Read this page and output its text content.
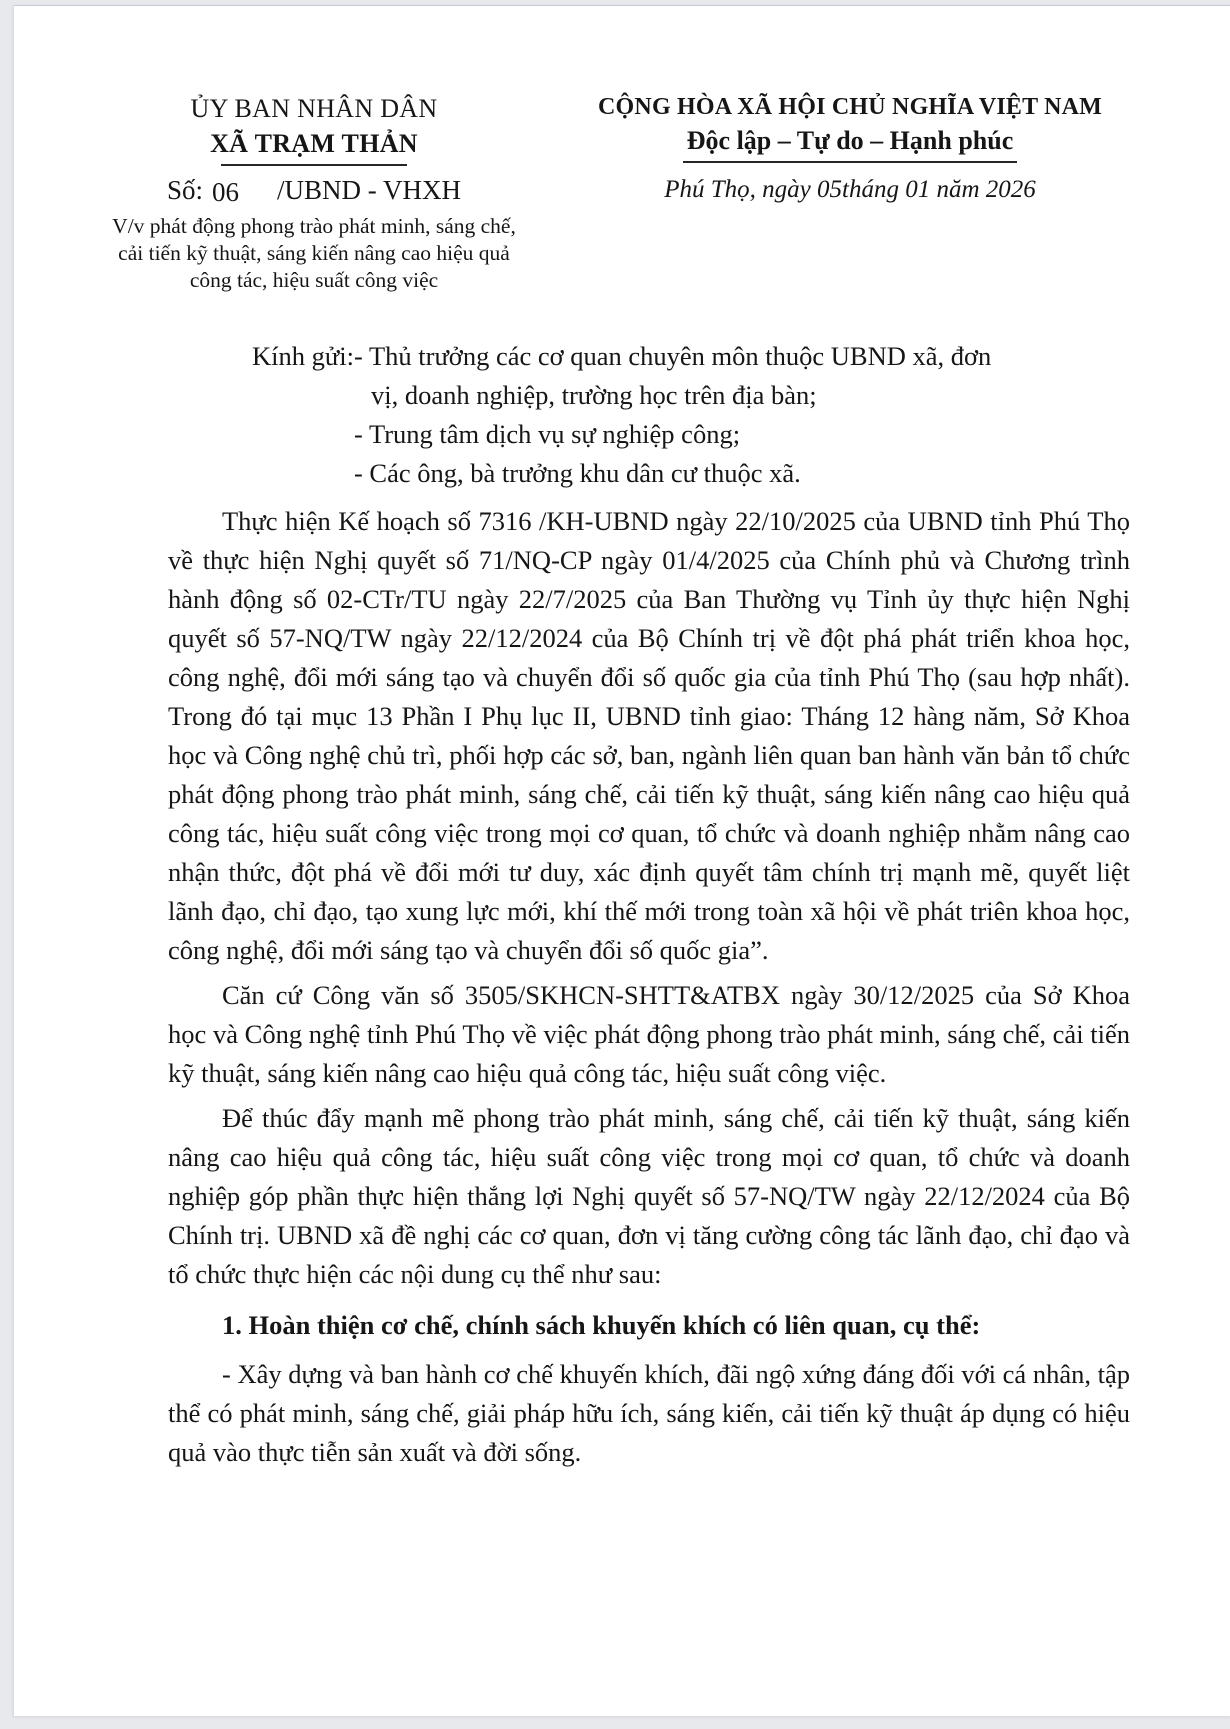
ỦY BAN NHÂN DÂN
XÃ TRẠM THẢN
Số: 06 /UBND - VHXH
V/v phát động phong trào phát minh, sáng chế, cải tiến kỹ thuật, sáng kiến nâng cao hiệu quả công tác, hiệu suất công việc
CỘNG HÒA XÃ HỘI CHỦ NGHĨA VIỆT NAM
Độc lập – Tự do – Hạnh phúc
Phú Thọ, ngày 05tháng 01 năm 2026
Kính gửi: - Thủ trưởng các cơ quan chuyên môn thuộc UBND xã, đơn vị, doanh nghiệp, trường học trên địa bàn;
- Trung tâm dịch vụ sự nghiệp công;
- Các ông, bà trưởng khu dân cư thuộc xã.

Thực hiện Kế hoạch số 7316 /KH-UBND ngày 22/10/2025 của UBND tỉnh Phú Thọ về thực hiện Nghị quyết số 71/NQ-CP ngày 01/4/2025 của Chính phủ và Chương trình hành động số 02-CTr/TU ngày 22/7/2025 của Ban Thường vụ Tỉnh ủy thực hiện Nghị quyết số 57-NQ/TW ngày 22/12/2024 của Bộ Chính trị về đột phá phát triển khoa học, công nghệ, đổi mới sáng tạo và chuyển đổi số quốc gia của tỉnh Phú Thọ (sau hợp nhất). Trong đó tại mục 13 Phần I Phụ lục II, UBND tỉnh giao: Tháng 12 hàng năm, Sở Khoa học và Công nghệ chủ trì, phối hợp các sở, ban, ngành liên quan ban hành văn bản tổ chức phát động phong trào phát minh, sáng chế, cải tiến kỹ thuật, sáng kiến nâng cao hiệu quả công tác, hiệu suất công việc trong mọi cơ quan, tổ chức và doanh nghiệp nhằm nâng cao nhận thức, đột phá về đổi mới tư duy, xác định quyết tâm chính trị mạnh mẽ, quyết liệt lãnh đạo, chỉ đạo, tạo xung lực mới, khí thế mới trong toàn xã hội về phát triên khoa học, công nghệ, đổi mới sáng tạo và chuyển đổi số quốc gia”.

Căn cứ Công văn số 3505/SKHCN-SHTT&ATBX ngày 30/12/2025 của Sở Khoa học và Công nghệ tỉnh Phú Thọ về việc phát động phong trào phát minh, sáng chế, cải tiến kỹ thuật, sáng kiến nâng cao hiệu quả công tác, hiệu suất công việc.

Để thúc đẩy mạnh mẽ phong trào phát minh, sáng chế, cải tiến kỹ thuật, sáng kiến nâng cao hiệu quả công tác, hiệu suất công việc trong mọi cơ quan, tổ chức và doanh nghiệp góp phần thực hiện thắng lợi Nghị quyết số 57-NQ/TW ngày 22/12/2024 của Bộ Chính trị. UBND xã đề nghị các cơ quan, đơn vị tăng cường công tác lãnh đạo, chỉ đạo và tổ chức thực hiện các nội dung cụ thể như sau:

1. Hoàn thiện cơ chế, chính sách khuyến khích có liên quan, cụ thể:

- Xây dựng và ban hành cơ chế khuyến khích, đãi ngộ xứng đáng đối với cá nhân, tập thể có phát minh, sáng chế, giải pháp hữu ích, sáng kiến, cải tiến kỹ thuật áp dụng có hiệu quả vào thực tiễn sản xuất và đời sống.
